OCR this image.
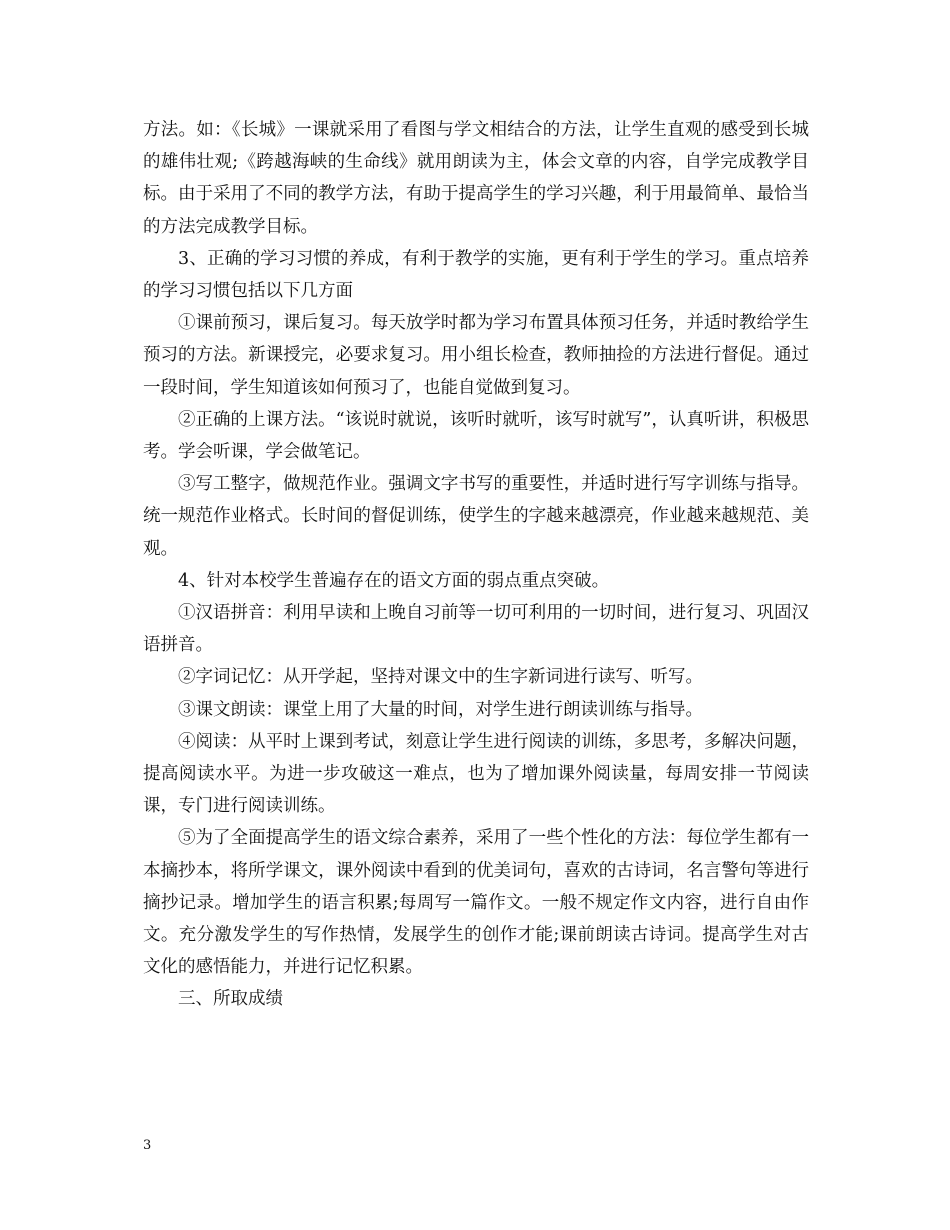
方法。如：《长城》一课就采用了看图与学文相结合的方法，让学生直观的感受到长城的雄伟壮观;《跨越海峡的生命线》就用朗读为主，体会文章的内容，自学完成教学目标。由于采用了不同的教学方法，有助于提高学生的学习兴趣，利于用最简单、最恰当的方法完成教学目标。

3、正确的学习习惯的养成，有利于教学的实施，更有利于学生的学习。重点培养的学习习惯包括以下几方面

①课前预习，课后复习。每天放学时都为学习布置具体预习任务，并适时教给学生预习的方法。新课授完，必要求复习。用小组长检查，教师抽捡的方法进行督促。通过一段时间，学生知道该如何预习了，也能自觉做到复习。

②正确的上课方法。“该说时就说，该听时就听，该写时就写”，认真听讲，积极思考。学会听课，学会做笔记。

③写工整字，做规范作业。强调文字书写的重要性，并适时进行写字训练与指导。统一规范作业格式。长时间的督促训练，使学生的字越来越漂亮，作业越来越规范、美观。

4、针对本校学生普遍存在的语文方面的弱点重点突破。

①汉语拼音：利用早读和上晚自习前等一切可利用的一切时间，进行复习、巩固汉语拼音。

②字词记忆：从开学起，坚持对课文中的生字新词进行读写、听写。

③课文朗读：课堂上用了大量的时间，对学生进行朗读训练与指导。

④阅读：从平时上课到考试，刻意让学生进行阅读的训练，多思考，多解决问题，提高阅读水平。为进一步攻破这一难点，也为了增加课外阅读量，每周安排一节阅读课，专门进行阅读训练。

⑤为了全面提高学生的语文综合素养，采用了一些个性化的方法：每位学生都有一本摘抄本，将所学课文，课外阅读中看到的优美词句，喜欢的古诗词，名言警句等进行摘抄记录。增加学生的语言积累;每周写一篇作文。一般不规定作文内容，进行自由作文。充分激发学生的写作热情，发展学生的创作才能;课前朗读古诗词。提高学生对古文化的感悟能力，并进行记忆积累。

三、所取成绩

3
